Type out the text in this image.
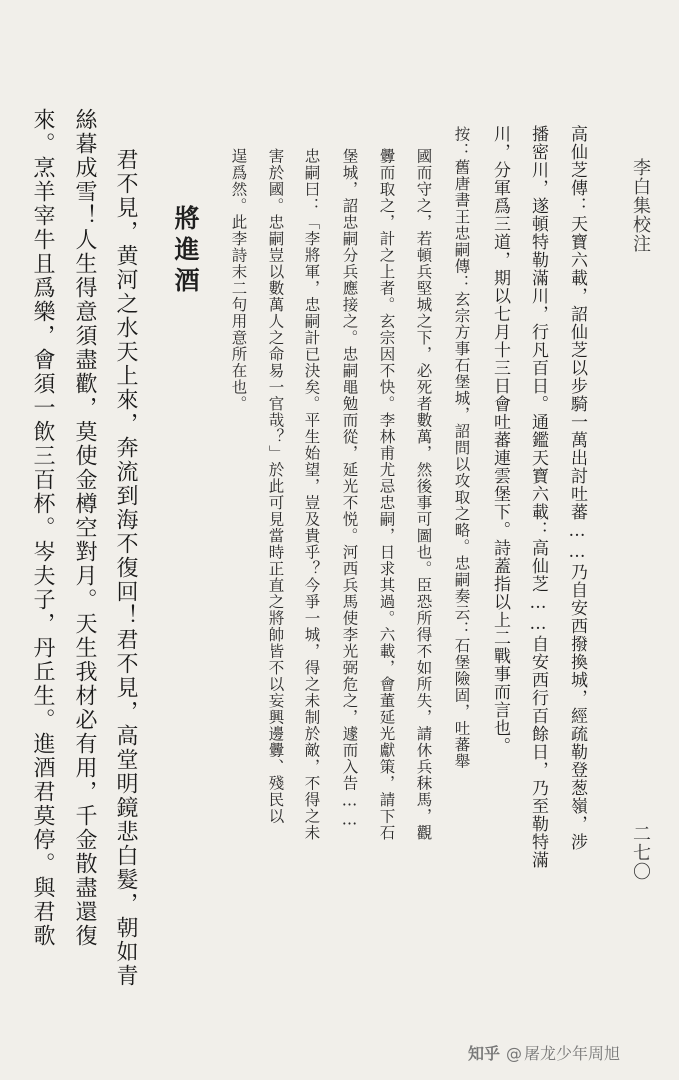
李白集校注
二七〇
高仙芝傳：天寶六載，詔仙芝以步騎一萬出討吐蕃……乃自安西撥換城，經疏勒登葱嶺，涉
播密川，遂頓特勒滿川，行凡百日。通鑑天寶六載：高仙芝……自安西行百餘日，乃至勒特滿
川，分軍爲三道，期以七月十三日會吐蕃連雲堡下。詩蓋指以上二戰事而言也。
按：舊唐書王忠嗣傳：玄宗方事石堡城，詔問以攻取之略。忠嗣奏云：石堡險固，吐蕃舉
國而守之，若頓兵堅城之下，必死者數萬，然後事可圖也。臣恐所得不如所失，請休兵秣馬，觀
釁而取之，計之上者。玄宗因不快。李林甫尤忌忠嗣，日求其過。六載，會董延光獻策，請下石
堡城，詔忠嗣分兵應接之。忠嗣黽勉而從，延光不悦。河西兵馬使李光弼危之，遽而入告……
忠嗣曰：「李將軍，忠嗣計已決矣。平生始望，豈及貴乎？今爭一城，得之未制於敵，不得之未
害於國。忠嗣豈以數萬人之命易一官哉？」於此可見當時正直之將帥皆不以妄興邊釁、殘民以
逞爲然。此李詩末二句用意所在也。
將進酒
君不見，黄河之水天上來，奔流到海不復回！君不見，高堂明鏡悲白髮，朝如青
絲暮成雪！人生得意須盡歡，莫使金樽空對月。天生我材必有用，千金散盡還復
來。烹羊宰牛且爲樂，會須一飲三百杯。岑夫子，丹丘生。進酒君莫停。與君歌
知乎 @ 屠龙少年周旭
